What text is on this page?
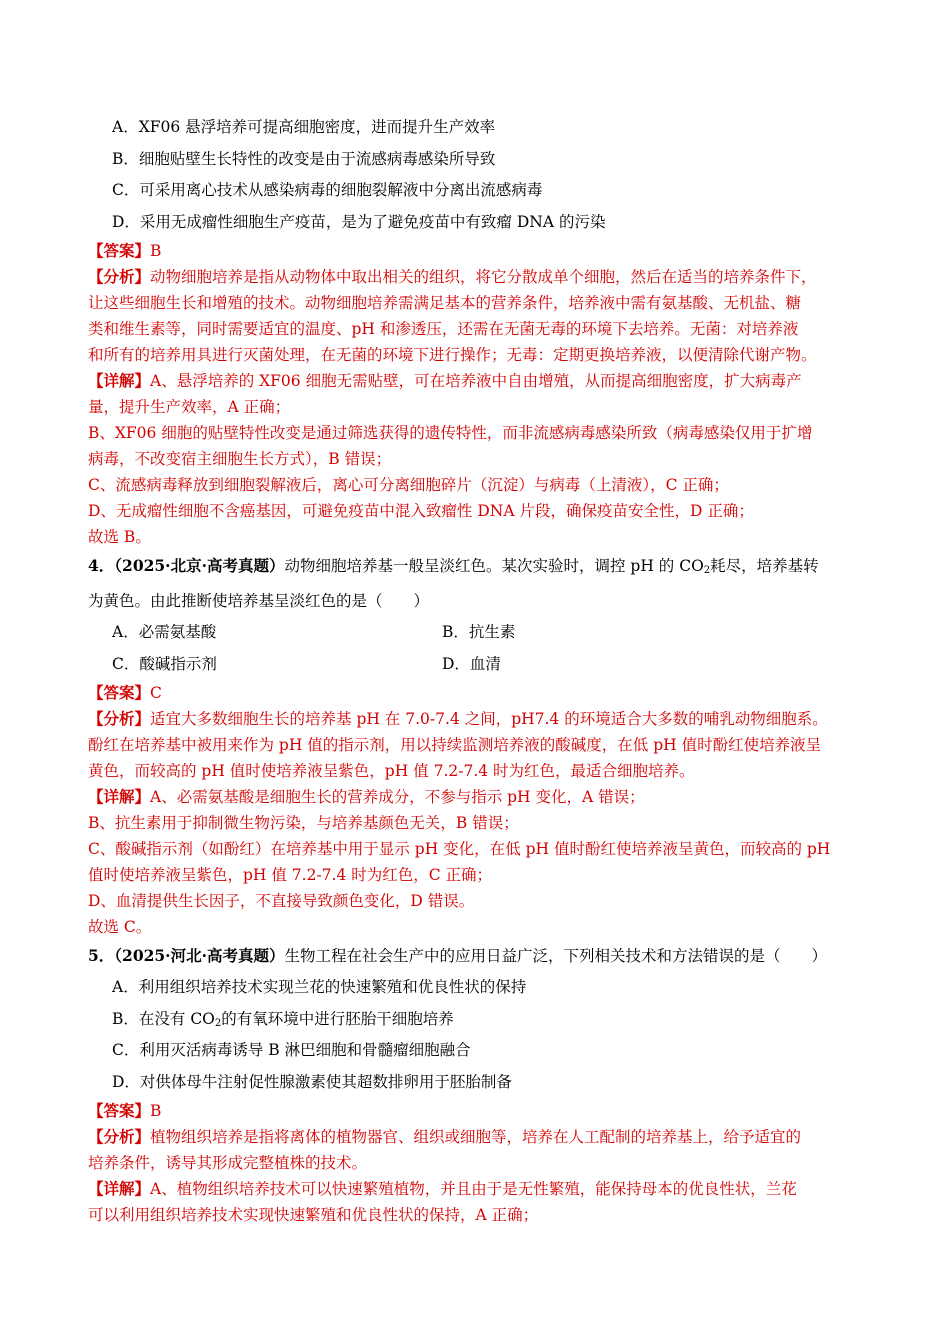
A．XF06 悬浮培养可提高细胞密度，进而提升生产效率
B．细胞贴壁生长特性的改变是由于流感病毒感染所导致
C．可采用离心技术从感染病毒的细胞裂解液中分离出流感病毒
D．采用无成瘤性细胞生产疫苗，是为了避免疫苗中有致瘤 DNA 的污染
【答案】B
【分析】动物细胞培养是指从动物体中取出相关的组织，将它分散成单个细胞，然后在适当的培养条件下，
让这些细胞生长和增殖的技术。动物细胞培养需满足基本的营养条件，培养液中需有氨基酸、无机盐、糖
类和维生素等，同时需要适宜的温度、pH 和渗透压，还需在无菌无毒的环境下去培养。无菌：对培养液
和所有的培养用具进行灭菌处理，在无菌的环境下进行操作；无毒：定期更换培养液，以便清除代谢产物。
【详解】A、悬浮培养的 XF06 细胞无需贴壁，可在培养液中自由增殖，从而提高细胞密度，扩大病毒产
量，提升生产效率，A 正确；
B、XF06 细胞的贴壁特性改变是通过筛选获得的遗传特性，而非流感病毒感染所致（病毒感染仅用于扩增
病毒，不改变宿主细胞生长方式），B 错误；
C、流感病毒释放到细胞裂解液后，离心可分离细胞碎片（沉淀）与病毒（上清液），C 正确；
D、无成瘤性细胞不含癌基因，可避免疫苗中混入致瘤性 DNA 片段，确保疫苗安全性，D 正确；
故选 B。
4．（2025·北京·高考真题）动物细胞培养基一般呈淡红色。某次实验时，调控 pH 的 $CO_2$耗尽，培养基转
为黄色。由此推断使培养基呈淡红色的是（　　）
A．必需氨基酸	B．抗生素
C．酸碱指示剂	D．血清
【答案】C
【分析】适宜大多数细胞生长的培养基 pH 在 7.0-7.4 之间，pH7.4 的环境适合大多数的哺乳动物细胞系。
酚红在培养基中被用来作为 pH 值的指示剂，用以持续监测培养液的酸碱度，在低 pH 值时酚红使培养液呈
黄色，而较高的 pH 值时使培养液呈紫色，pH 值 7.2-7.4 时为红色，最适合细胞培养。
【详解】A、必需氨基酸是细胞生长的营养成分，不参与指示 pH 变化，A 错误；
B、抗生素用于抑制微生物污染，与培养基颜色无关，B 错误；
C、酸碱指示剂（如酚红）在培养基中用于显示 pH 变化，在低 pH 值时酚红使培养液呈黄色，而较高的 pH
值时使培养液呈紫色，pH 值 7.2-7.4 时为红色，C 正确；
D、血清提供生长因子，不直接导致颜色变化，D 错误。
故选 C。
5．（2025·河北·高考真题）生物工程在社会生产中的应用日益广泛，下列相关技术和方法错误的是（　　）
A．利用组织培养技术实现兰花的快速繁殖和优良性状的保持
B．在没有 $CO_2$的有氧环境中进行胚胎干细胞培养
C．利用灭活病毒诱导 B 淋巴细胞和骨髓瘤细胞融合
D．对供体母牛注射促性腺激素使其超数排卵用于胚胎制备
【答案】B
【分析】植物组织培养是指将离体的植物器官、组织或细胞等，培养在人工配制的培养基上，给予适宜的
培养条件，诱导其形成完整植株的技术。
【详解】A、植物组织培养技术可以快速繁殖植物，并且由于是无性繁殖，能保持母本的优良性状，兰花
可以利用组织培养技术实现快速繁殖和优良性状的保持，A 正确；
